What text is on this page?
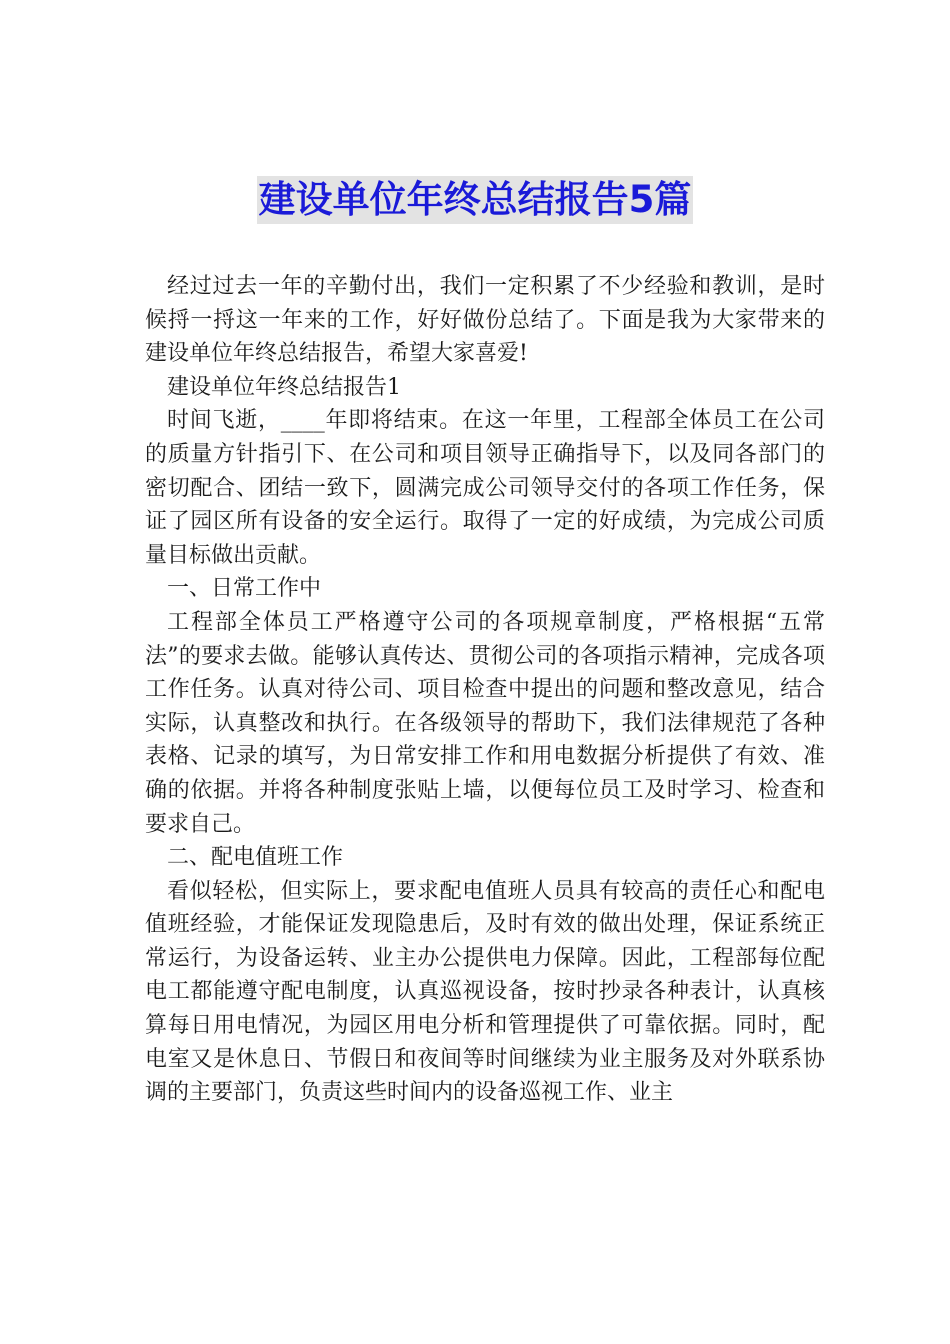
建设单位年终总结报告5篇

经过过去一年的辛勤付出，我们一定积累了不少经验和教训，是时候捋一捋这一年来的工作，好好做份总结了。下面是我为大家带来的建设单位年终总结报告，希望大家喜爱!

建设单位年终总结报告1

时间飞逝，____年即将结束。在这一年里，工程部全体员工在公司的质量方针指引下、在公司和项目领导正确指导下，以及同各部门的密切配合、团结一致下，圆满完成公司领导交付的各项工作任务，保证了园区所有设备的安全运行。取得了一定的好成绩，为完成公司质量目标做出贡献。

一、日常工作中

工程部全体员工严格遵守公司的各项规章制度，严格根据“五常法”的要求去做。能够认真传达、贯彻公司的各项指示精神，完成各项工作任务。认真对待公司、项目检查中提出的问题和整改意见，结合实际，认真整改和执行。在各级领导的帮助下，我们法律规范了各种表格、记录的填写，为日常安排工作和用电数据分析提供了有效、准确的依据。并将各种制度张贴上墙，以便每位员工及时学习、检查和要求自己。

二、配电值班工作

看似轻松，但实际上，要求配电值班人员具有较高的责任心和配电值班经验，才能保证发现隐患后，及时有效的做出处理，保证系统正常运行，为设备运转、业主办公提供电力保障。因此，工程部每位配电工都能遵守配电制度，认真巡视设备，按时抄录各种表计，认真核算每日用电情况，为园区用电分析和管理提供了可靠依据。同时，配电室又是休息日、节假日和夜间等时间继续为业主服务及对外联系协调的主要部门，负责这些时间内的设备巡视工作、业主
